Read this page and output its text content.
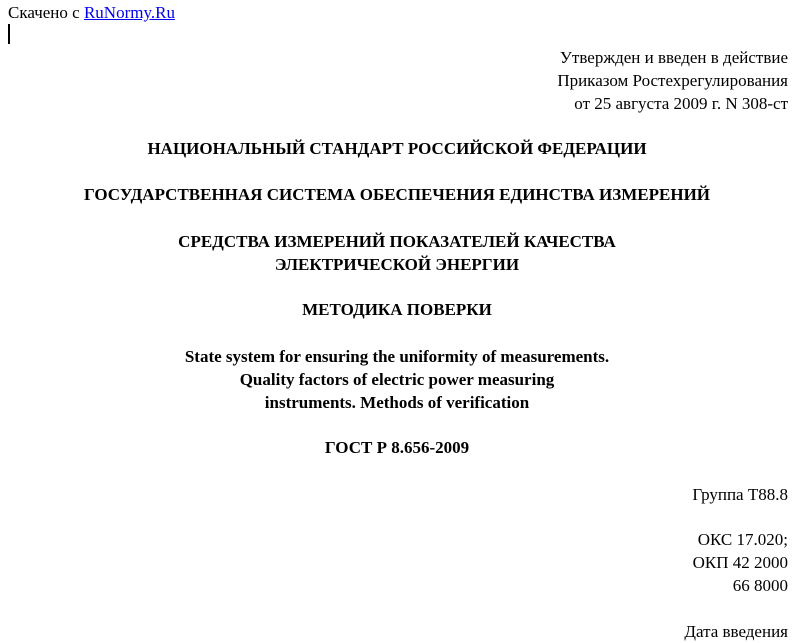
Скачено с RuNormy.Ru
Утвержден и введен в действие
Приказом Ростехрегулирования
от 25 августа 2009 г. N 308-ст
НАЦИОНАЛЬНЫЙ СТАНДАРТ РОССИЙСКОЙ ФЕДЕРАЦИИ
ГОСУДАРСТВЕННАЯ СИСТЕМА ОБЕСПЕЧЕНИЯ ЕДИНСТВА ИЗМЕРЕНИЙ
СРЕДСТВА ИЗМЕРЕНИЙ ПОКАЗАТЕЛЕЙ КАЧЕСТВА
ЭЛЕКТРИЧЕСКОЙ ЭНЕРГИИ
МЕТОДИКА ПОВЕРКИ
State system for ensuring the uniformity of measurements.
Quality factors of electric power measuring
instruments. Methods of verification
ГОСТ Р 8.656-2009
Группа Т88.8
ОКС 17.020;
ОКП 42 2000
66 8000
Дата введения
